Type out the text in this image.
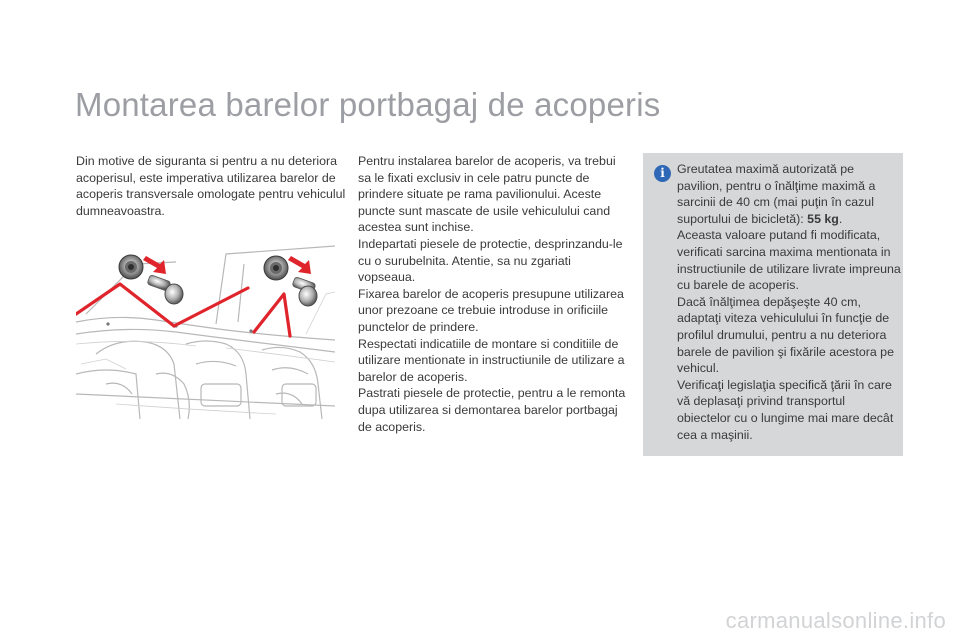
Montarea barelor portbagaj de acoperis

Din motive de siguranta si pentru a nu deteriora acoperisul, este imperativa utilizarea barelor de acoperis transversale omologate pentru vehiculul dumneavoastra.

Pentru instalarea barelor de acoperis, va trebui sa le fixati exclusiv in cele patru puncte de prindere situate pe rama pavilionului. Aceste puncte sunt mascate de usile vehiculului cand acestea sunt inchise.

Indepartati piesele de protectie, desprinzandu-le cu o surubelnita. Atentie, sa nu zgariati vopseaua.

Fixarea barelor de acoperis presupune utilizarea unor prezoane ce trebuie introduse in orificiile punctelor de prindere.

Respectati indicatiile de montare si conditiile de utilizare mentionate in instructiunile de utilizare a barelor de acoperis.

Pastrati piesele de protectie, pentru a le remonta dupa utilizarea si demontarea barelor portbagaj de acoperis.

i Greutatea maximă autorizată pe pavilion, pentru o înălţime maximă a sarcinii de 40 cm (mai puţin în cazul suportului de bicicletă): 55 kg.

Aceasta valoare putand fi modificata, verificati sarcina maxima mentionata in instructiunile de utilizare livrate impreuna cu barele de acoperis.

Dacă înălţimea depăşeşte 40 cm, adaptaţi viteza vehiculului în funcţie de profilul drumului, pentru a nu deteriora barele de pavilion şi fixările acestora pe vehicul.

Verificaţi legislaţia specifică ţării în care vă deplasaţi privind transportul obiectelor cu o lungime mai mare decât cea a maşinii.

carmanualsonline.info
